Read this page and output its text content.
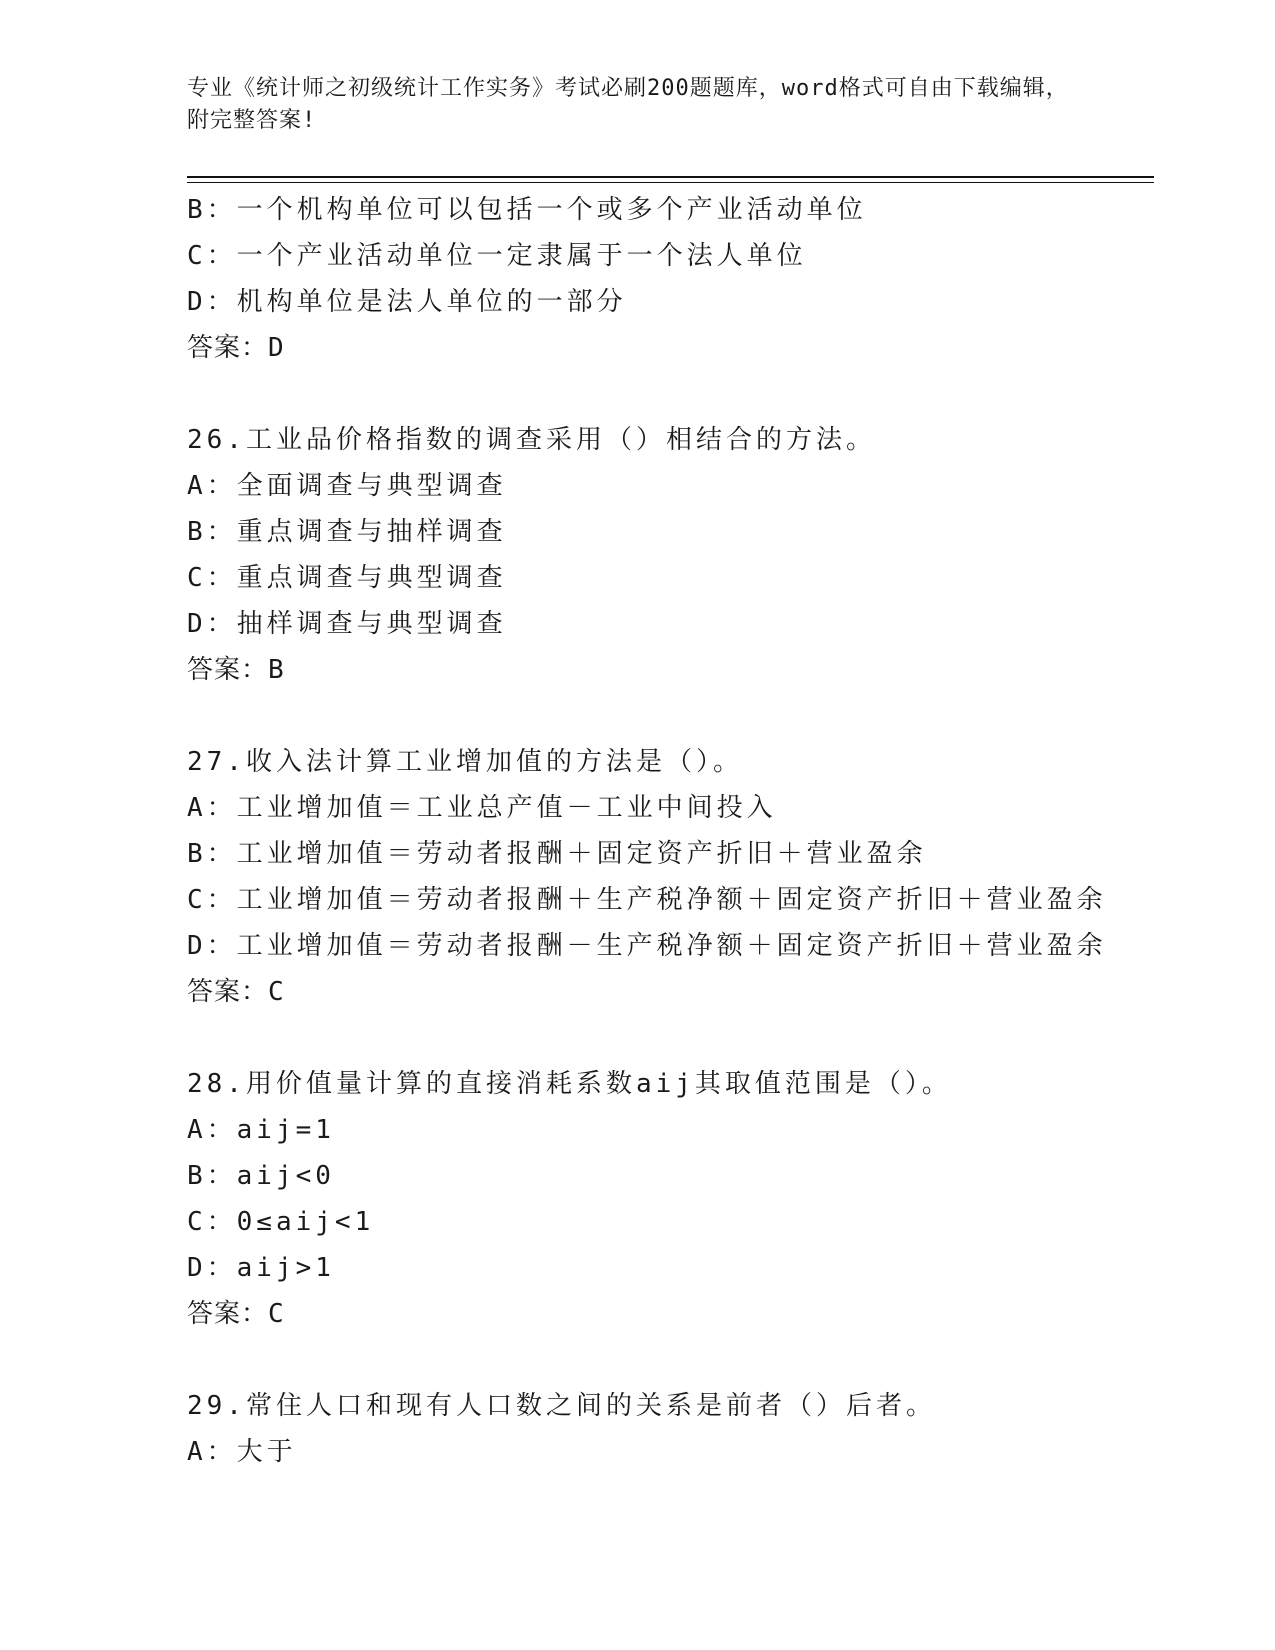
专业《统计师之初级统计工作实务》考试必刷200题题库，word格式可自由下载编辑，附完整答案!
B：一个机构单位可以包括一个或多个产业活动单位
C：一个产业活动单位一定隶属于一个法人单位
D：机构单位是法人单位的一部分
答案：D
26.工业品价格指数的调查采用（）相结合的方法。
A：全面调查与典型调查
B：重点调查与抽样调查
C：重点调查与典型调查
D：抽样调查与典型调查
答案：B
27.收入法计算工业增加值的方法是（）。
A：工业增加值＝工业总产值－工业中间投入
B：工业增加值＝劳动者报酬＋固定资产折旧＋营业盈余
C：工业增加值＝劳动者报酬＋生产税净额＋固定资产折旧＋营业盈余
D：工业增加值＝劳动者报酬－生产税净额＋固定资产折旧＋营业盈余
答案：C
28.用价值量计算的直接消耗系数aij其取值范围是（）。
A：aij=1
B：aij<0
C：0≤aij<1
D：aij>1
答案：C
29.常住人口和现有人口数之间的关系是前者（）后者。
A：大于
